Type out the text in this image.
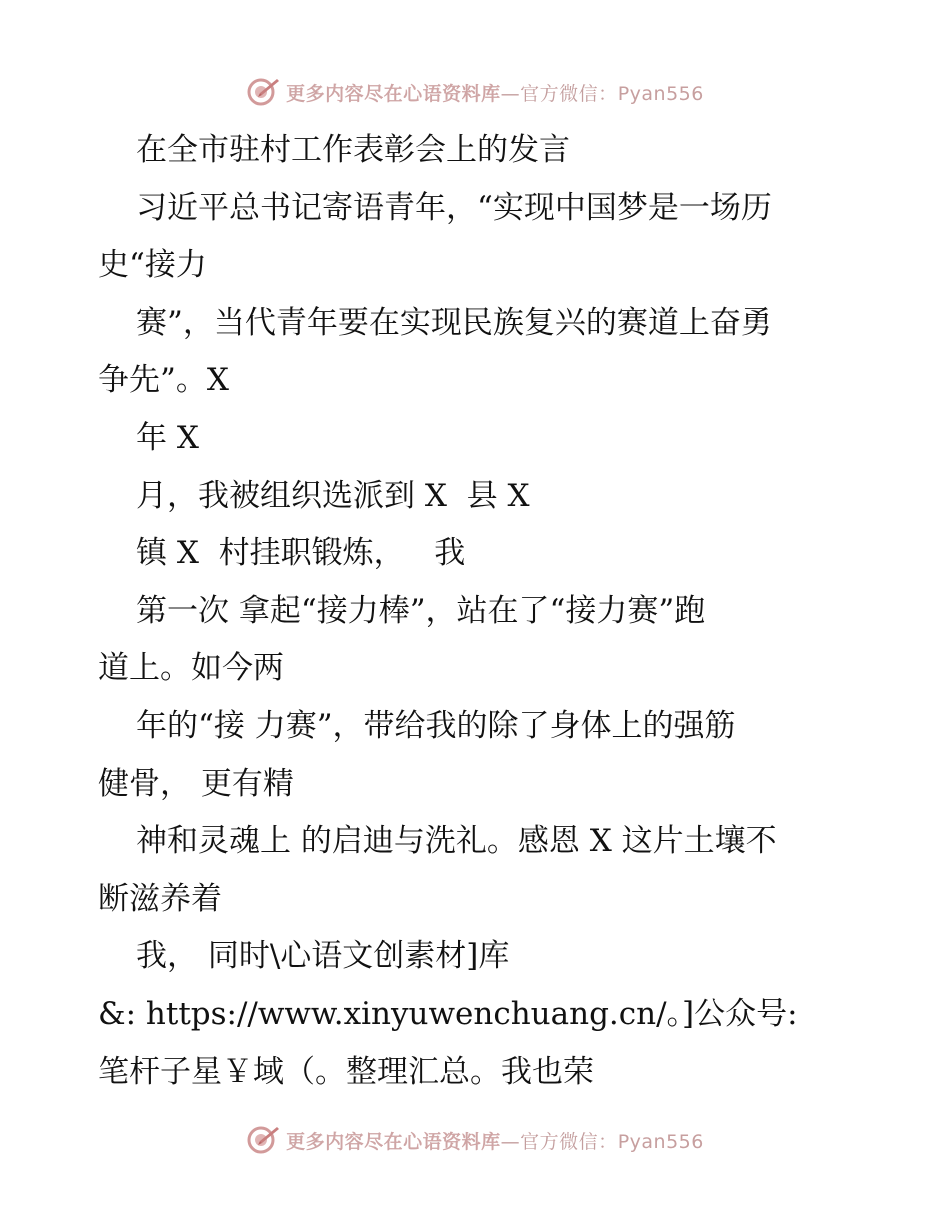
更多内容尽在心语资料库—官方微信：Pyan556
在全市驻村工作表彰会上的发言
习近平总书记寄语青年，“实现中国梦是一场历
史“接力
赛”，当代青年要在实现民族复兴的赛道上奋勇
争先”。X
年 X
月，我被组织选派到 X  县 X
镇 X  村挂职锻炼，   我
第一次 拿起“接力棒”，站在了“接力赛”跑
道上。如今两
年的“接 力赛”，带给我的除了身体上的强筋
健骨， 更有精
神和灵魂上 的启迪与洗礼。感恩 X 这片土壤不
断滋养着
我， 同时\心语文创素材]库
&: https://www.xinyuwenchuang.cn/。]公众号:
笔杆子星￥域（。整理汇总。我也荣
更多内容尽在心语资料库—官方微信：Pyan556
